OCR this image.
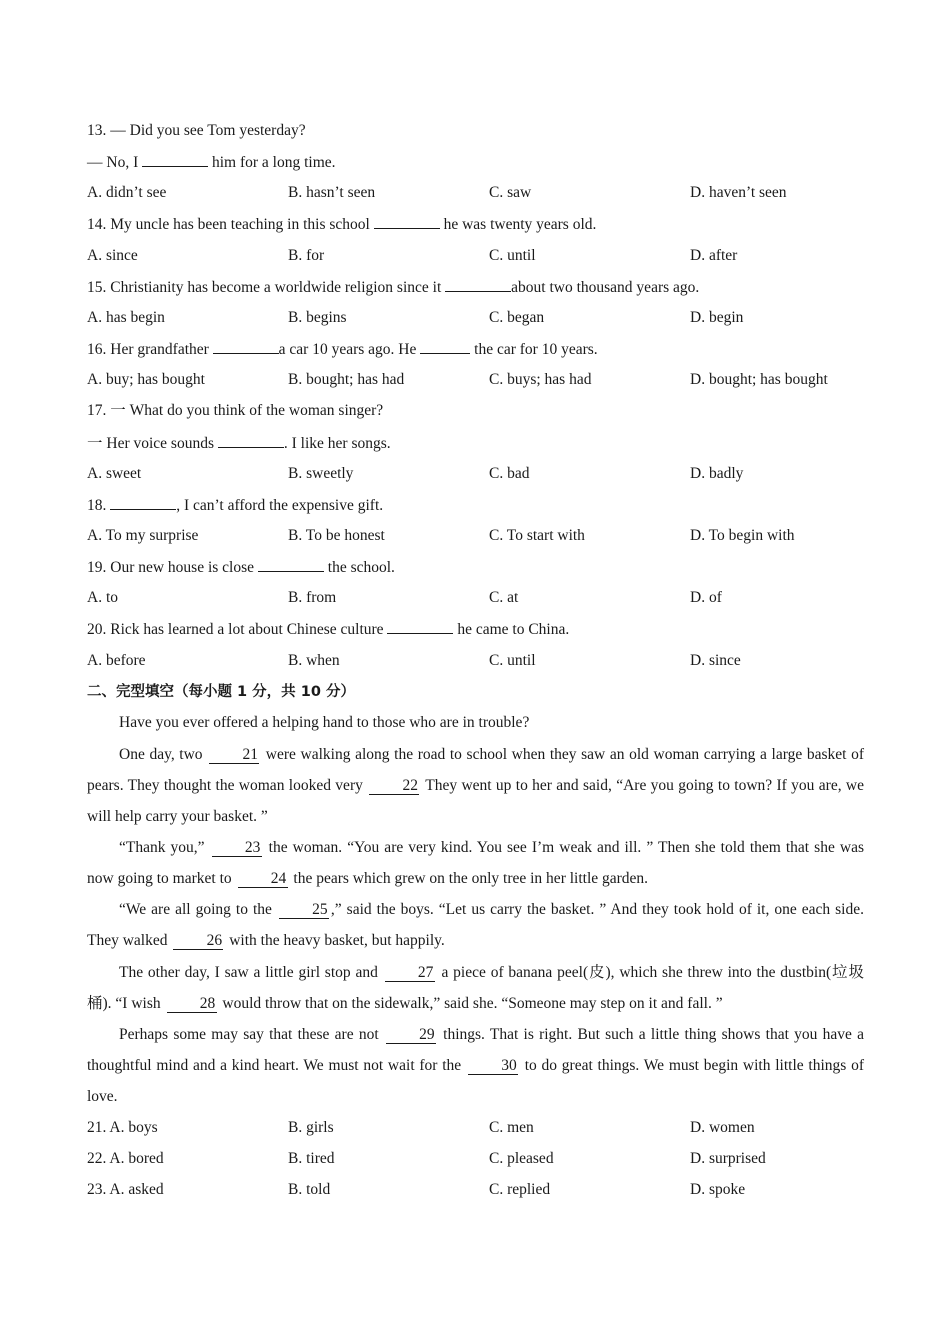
13. — Did you see Tom yesterday?
— No, I	him for a long time.
A. didn’t see	B. hasn’t seen	C. saw	D. haven’t seen
14. My uncle has been teaching in this school	he was twenty years old.
A. since	B. for	C. until	D. after
15. Christianity has become a worldwide religion since it	about two thousand years ago.
A. has begin	B. begins	C. began	D. begin
16. Her grandfather	a car 10 years ago. He	the car for 10 years.
A. buy; has bought	B. bought; has had	C. buys; has had	D. bought; has bought
17. 一 What do you think of the woman singer?
一 Her voice sounds	. I like her songs.
A. sweet	B. sweetly	C. bad	D. badly
18.	, I can’t afford the expensive gift.
A. To my surprise	B. To be honest	C. To start with	D. To begin with
19. Our new house is close	the school.
A. to	B. from	C. at	D. of
20. Rick has learned a lot about Chinese culture	he came to China.
A. before	B. when	C. until	D. since
二、完型填空（每小题 1 分，共 10 分）
Have you ever offered a helping hand to those who are in trouble?
One day, two 21 were walking along the road to school when they saw an old woman carrying a large basket of pears. They thought the woman looked very 22 They went up to her and said, “Are you going to town? If you are, we will help carry your basket. ”
“Thank you,” 23 the woman. “You are very kind. You see I’m weak and ill. ” Then she told them that she was now going to market to 24 the pears which grew on the only tree in her little garden.
“We are all going to the 25 ,” said the boys. “Let us carry the basket. ” And they took hold of it, one each side. They walked 26 with the heavy basket, but happily.
The other day, I saw a little girl stop and 27 a piece of banana peel(皮), which she threw into the dustbin(垃圾桶). “I wish 28 would throw that on the sidewalk,” said she. “Someone may step on it and fall. ”
Perhaps some may say that these are not 29 things. That is right. But such a little thing shows that you have a thoughtful mind and a kind heart. We must not wait for the 30 to do great things. We must begin with little things of love.
21. A. boys	B. girls	C. men	D. women
22. A. bored	B. tired	C. pleased	D. surprised
23. A. asked	B. told	C. replied	D. spoke
